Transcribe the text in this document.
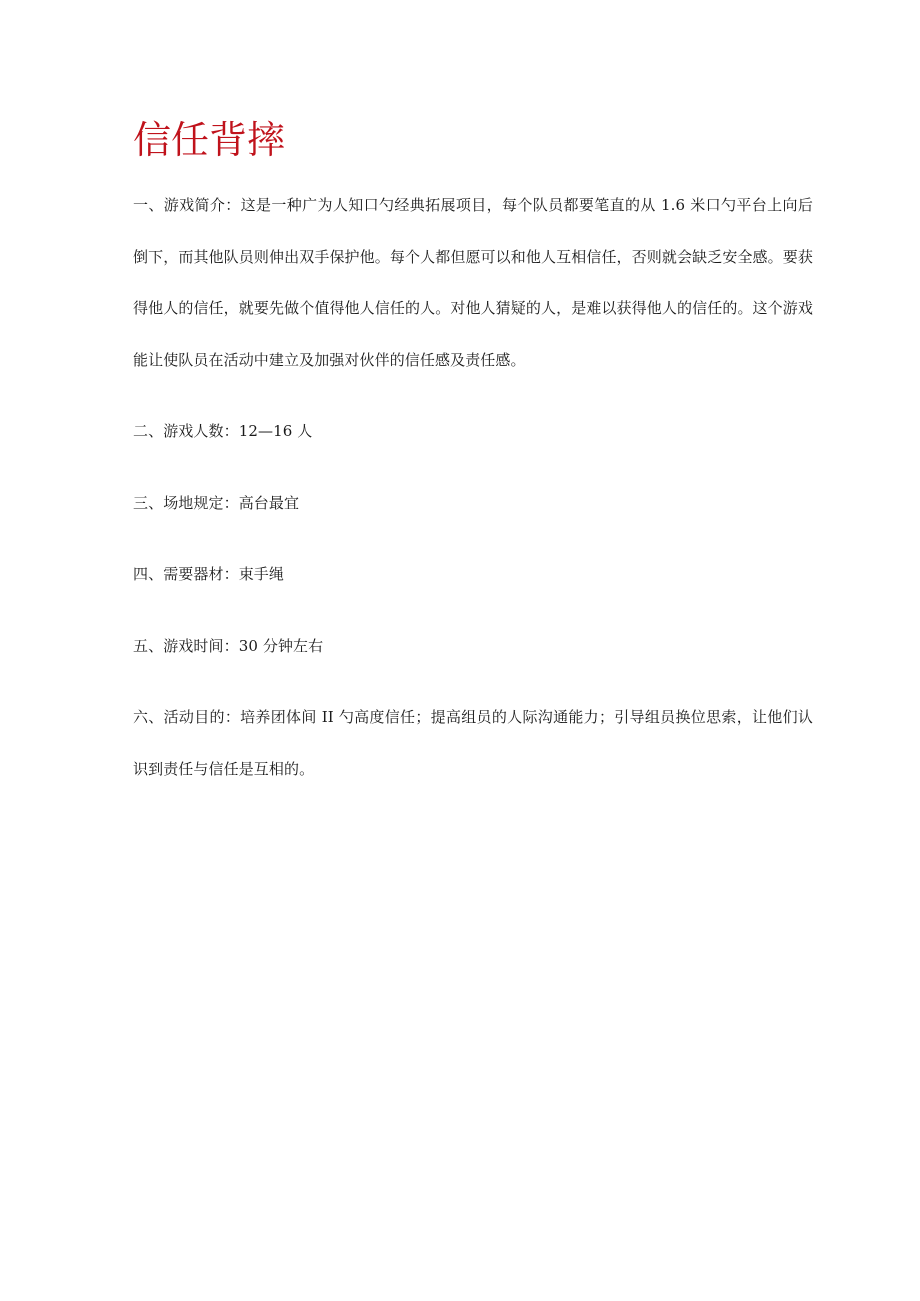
信任背摔

一、游戏简介：这是一种广为人知口勺经典拓展项目，每个队员都要笔直的从 1.6 米口勺平台上向后倒下，而其他队员则伸出双手保护他。每个人都但愿可以和他人互相信任，否则就会缺乏安全感。要获得他人的信任，就要先做个值得他人信任的人。对他人猜疑的人，是难以获得他人的信任的。这个游戏能让使队员在活动中建立及加强对伙伴的信任感及责任感。

二、游戏人数：12—16 人

三、场地规定：高台最宜

四、需要器材：束手绳

五、游戏时间：30 分钟左右

六、活动目的：培养团体间 II 勺高度信任；提高组员的人际沟通能力；引导组员换位思索，让他们认识到责任与信任是互相的。
